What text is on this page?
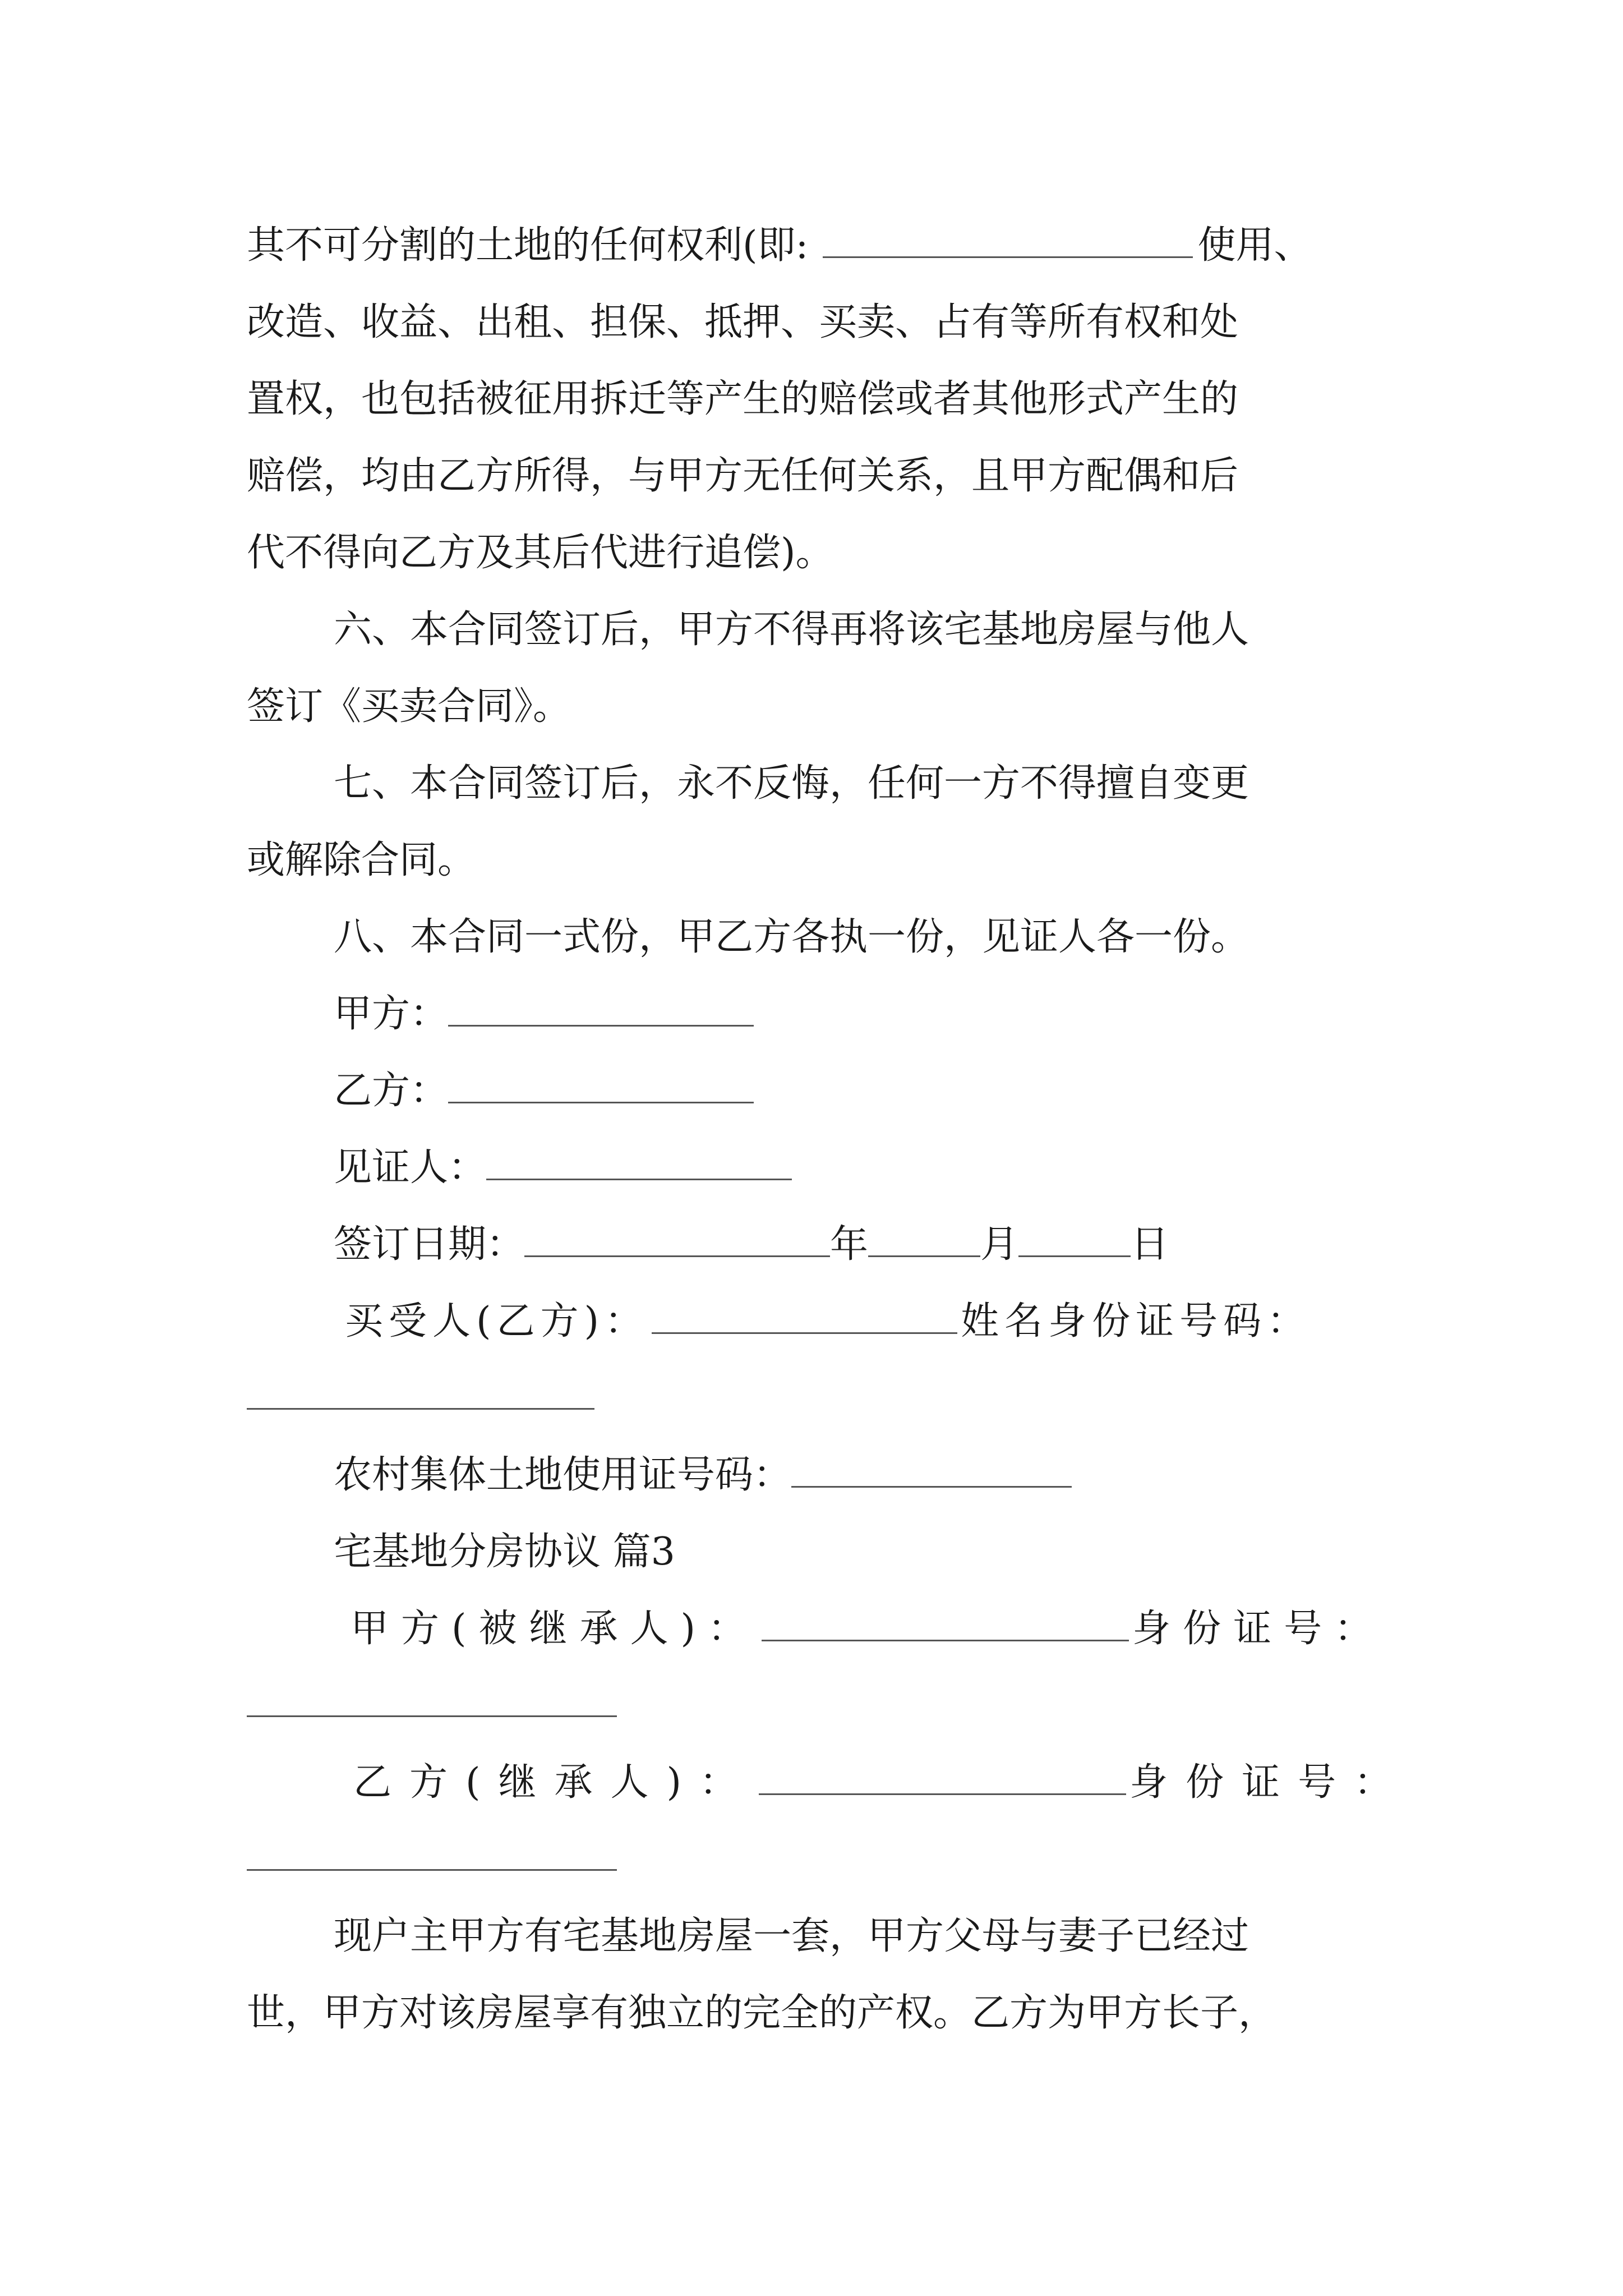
其不可分割的土地的任何权利(即:	使用、
改造、收益、出租、担保、抵押、买卖、占有等所有权和处
置权，也包括被征用拆迁等产生的赔偿或者其他形式产生的
赔偿，均由乙方所得，与甲方无任何关系，且甲方配偶和后
代不得向乙方及其后代进行追偿)。
六、本合同签订后，甲方不得再将该宅基地房屋与他人
签订《买卖合同》。
七、本合同签订后，永不反悔，任何一方不得擅自变更
或解除合同。
八、本合同一式份，甲乙方各执一份，见证人各一份。
甲方：
乙方：
见证人：
签订日期：	年	月	日
买受人(乙方)：	姓名身份证号码：
农村集体土地使用证号码：
宅基地分房协议 篇3
甲方(被继承人)：	身份证号：
乙方(继承人)：	身份证号：
现户主甲方有宅基地房屋一套，甲方父母与妻子已经过
世，甲方对该房屋享有独立的完全的产权。乙方为甲方长子，
